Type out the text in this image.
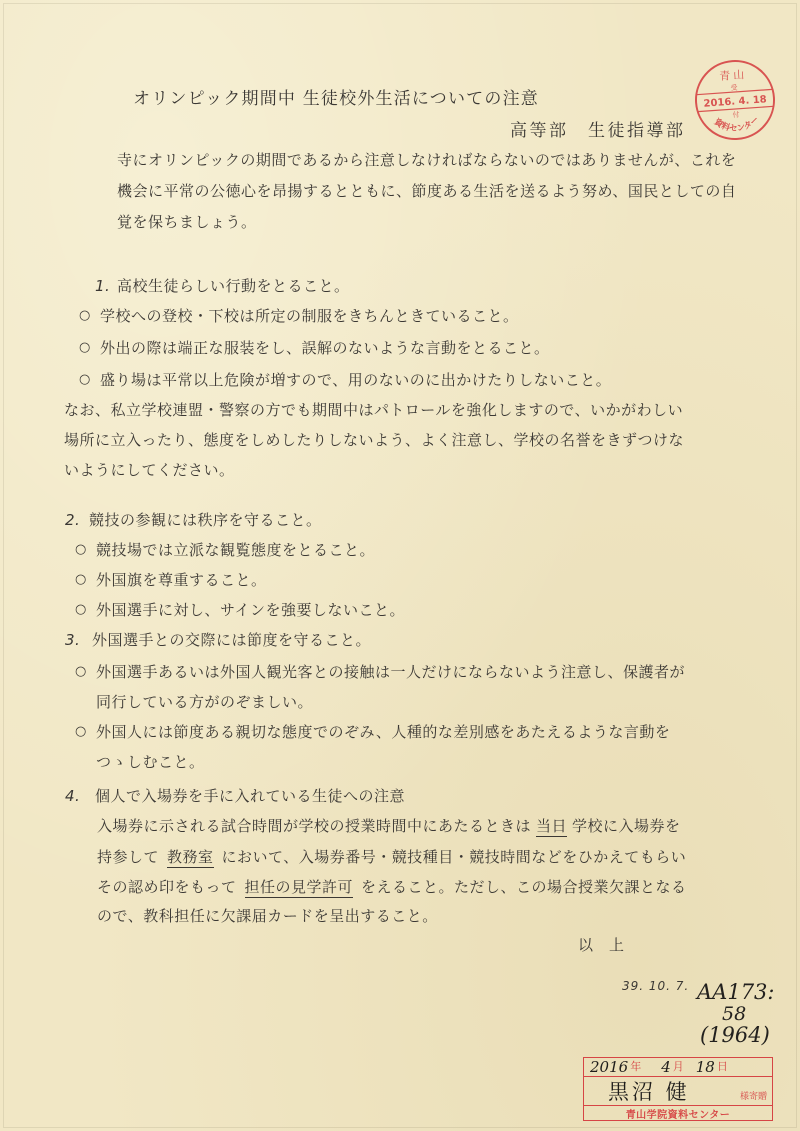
オリンピック期間中 生徒校外生活についての注意
高等部　生徒指導部
寺にオリンピックの期間であるから注意しなければならないのではありませんが、これを
機会に平常の公徳心を昂揚するとともに、節度ある生活を送るよう努め、国民としての自
覚を保ちましょう。
1. 高校生徒らしい行動をとること。
○ 学校への登校・下校は所定の制服をきちんときていること。
○ 外出の際は端正な服装をし、誤解のないような言動をとること。
○ 盛り場は平常以上危険が増すので、用のないのに出かけたりしないこと。
なお、私立学校連盟・警察の方でも期間中はパトロールを強化しますので、いかがわしい
場所に立入ったり、態度をしめしたりしないよう、よく注意し、学校の名誉をきずつけな
いようにしてください。
2. 競技の参観には秩序を守ること。
○ 競技場では立派な観覧態度をとること。
○ 外国旗を尊重すること。
○ 外国選手に対し、サインを強要しないこと。
3. 外国選手との交際には節度を守ること。
○ 外国選手あるいは外国人観光客との接触は一人だけにならないよう注意し、保護者が
同行している方がのぞましい。
○ 外国人には節度ある親切な態度でのぞみ、人種的な差別感をあたえるような言動を
つゝしむこと。
4. 個人で入場券を手に入れている生徒への注意
入場券に示される試合時間が学校の授業時間中にあたるときは 当日 学校に入場券を
持参して 教務室 において、入場券番号・競技種目・競技時間などをひかえてもらい
その認め印をもって 担任の見学許可 をえること。ただし、この場合授業欠課となる
ので、教科担任に欠課届カードを呈出すること。
以上
39. 10. 7. AA173:
58
(1964)
青山
受
2016. 4. 18
付
資料センター
2016 年 4 月 18 日
黒沼 健	様寄贈
青山学院資料センター
